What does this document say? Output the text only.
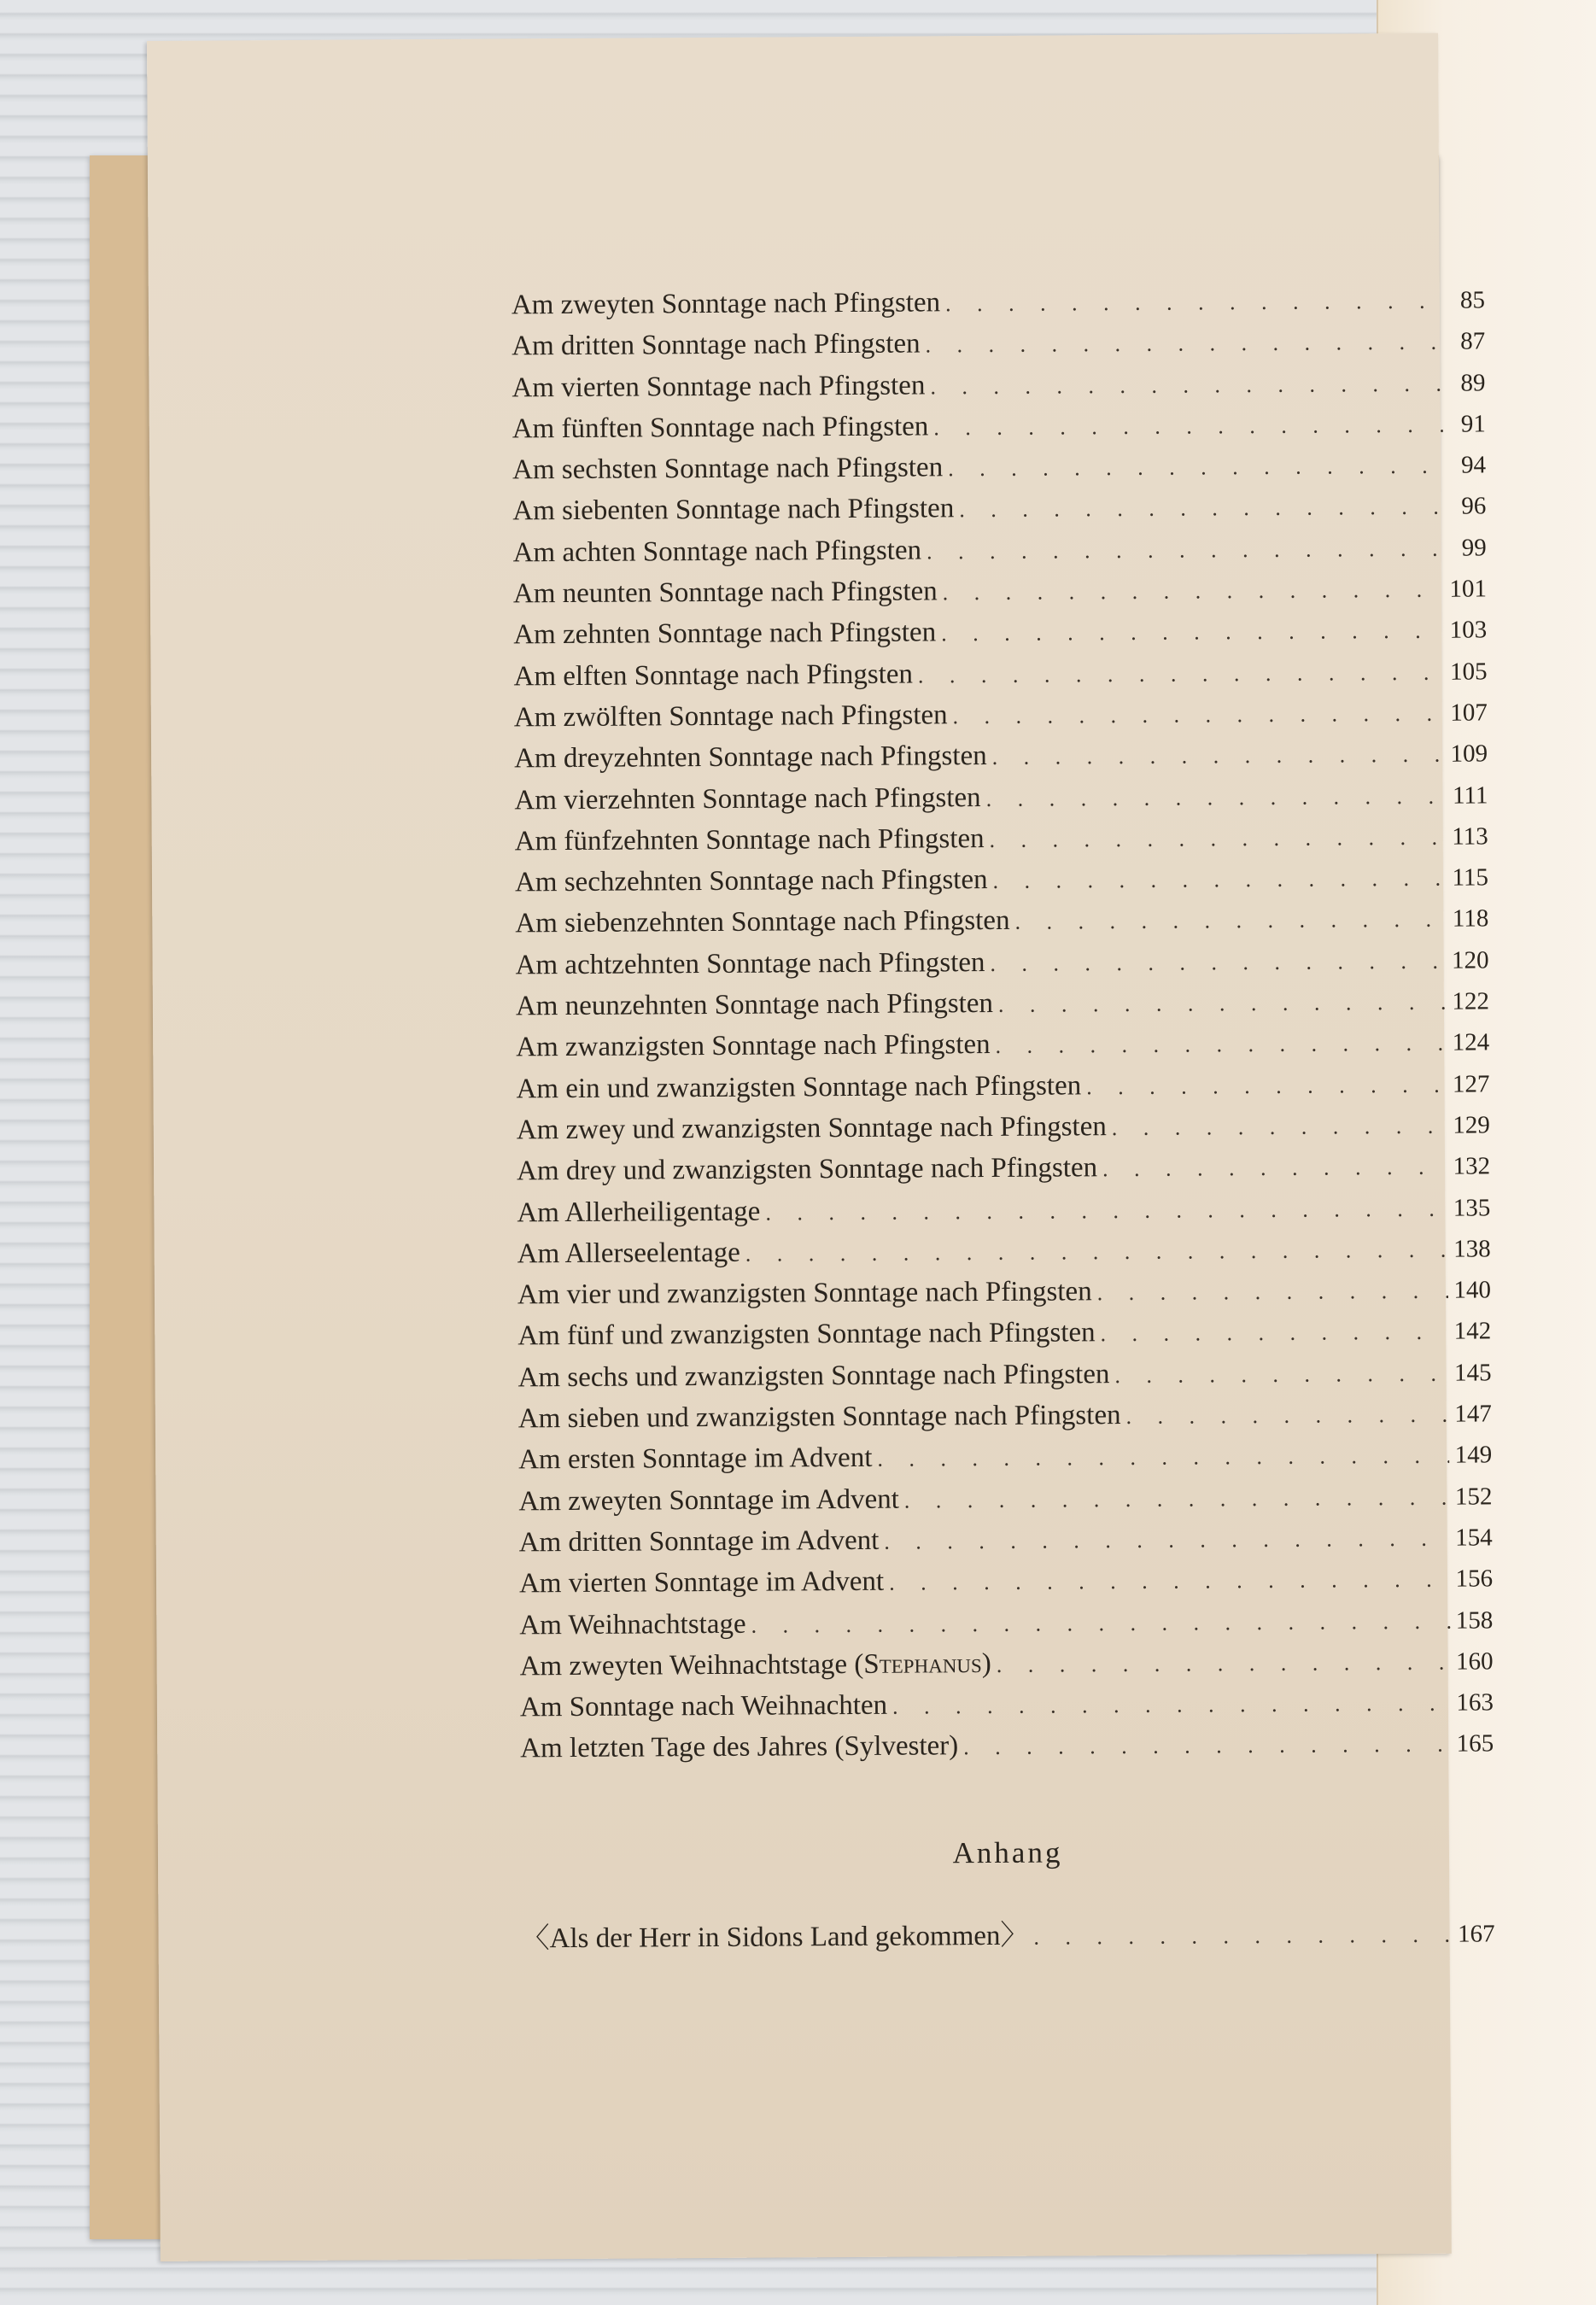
Am zweyten Sonntage nach Pfingsten . . .	85
Am dritten Sonntage nach Pfingsten . . .	87
Am vierten Sonntage nach Pfingsten . . .	89
Am fünften Sonntage nach Pfingsten . . .	91
Am sechsten Sonntage nach Pfingsten . . .	94
Am siebenten Sonntage nach Pfingsten . . .	96
Am achten Sonntage nach Pfingsten . . .	99
Am neunten Sonntage nach Pfingsten . . .	101
Am zehnten Sonntage nach Pfingsten . . .	103
Am elften Sonntage nach Pfingsten . . .	105
Am zwölften Sonntage nach Pfingsten . . .	107
Am dreyzehnten Sonntage nach Pfingsten . . .	109
Am vierzehnten Sonntage nach Pfingsten . . .	111
Am fünfzehnten Sonntage nach Pfingsten . . .	113
Am sechzehnten Sonntage nach Pfingsten . . .	115
Am siebenzehnten Sonntage nach Pfingsten . . .	118
Am achtzehnten Sonntage nach Pfingsten . . .	120
Am neunzehnten Sonntage nach Pfingsten . . .	122
Am zwanzigsten Sonntage nach Pfingsten . . .	124
Am ein und zwanzigsten Sonntage nach Pfingsten . . .	127
Am zwey und zwanzigsten Sonntage nach Pfingsten . . .	129
Am drey und zwanzigsten Sonntage nach Pfingsten . . .	132
Am Allerheiligentage . . .	135
Am Allerseelentage . . .	138
Am vier und zwanzigsten Sonntage nach Pfingsten . . .	140
Am fünf und zwanzigsten Sonntage nach Pfingsten . . .	142
Am sechs und zwanzigsten Sonntage nach Pfingsten . . .	145
Am sieben und zwanzigsten Sonntage nach Pfingsten . . .	147
Am ersten Sonntage im Advent . . .	149
Am zweyten Sonntage im Advent . . .	152
Am dritten Sonntage im Advent . . .	154
Am vierten Sonntage im Advent . . .	156
Am Weihnachtstage . . .	158
Am zweyten Weihnachtstage (Stephanus) . . .	160
Am Sonntage nach Weihnachten . . .	163
Am letzten Tage des Jahres (Sylvester) . . .	165
Anhang
〈Als der Herr in Sidons Land gekommen〉 . . .	167
